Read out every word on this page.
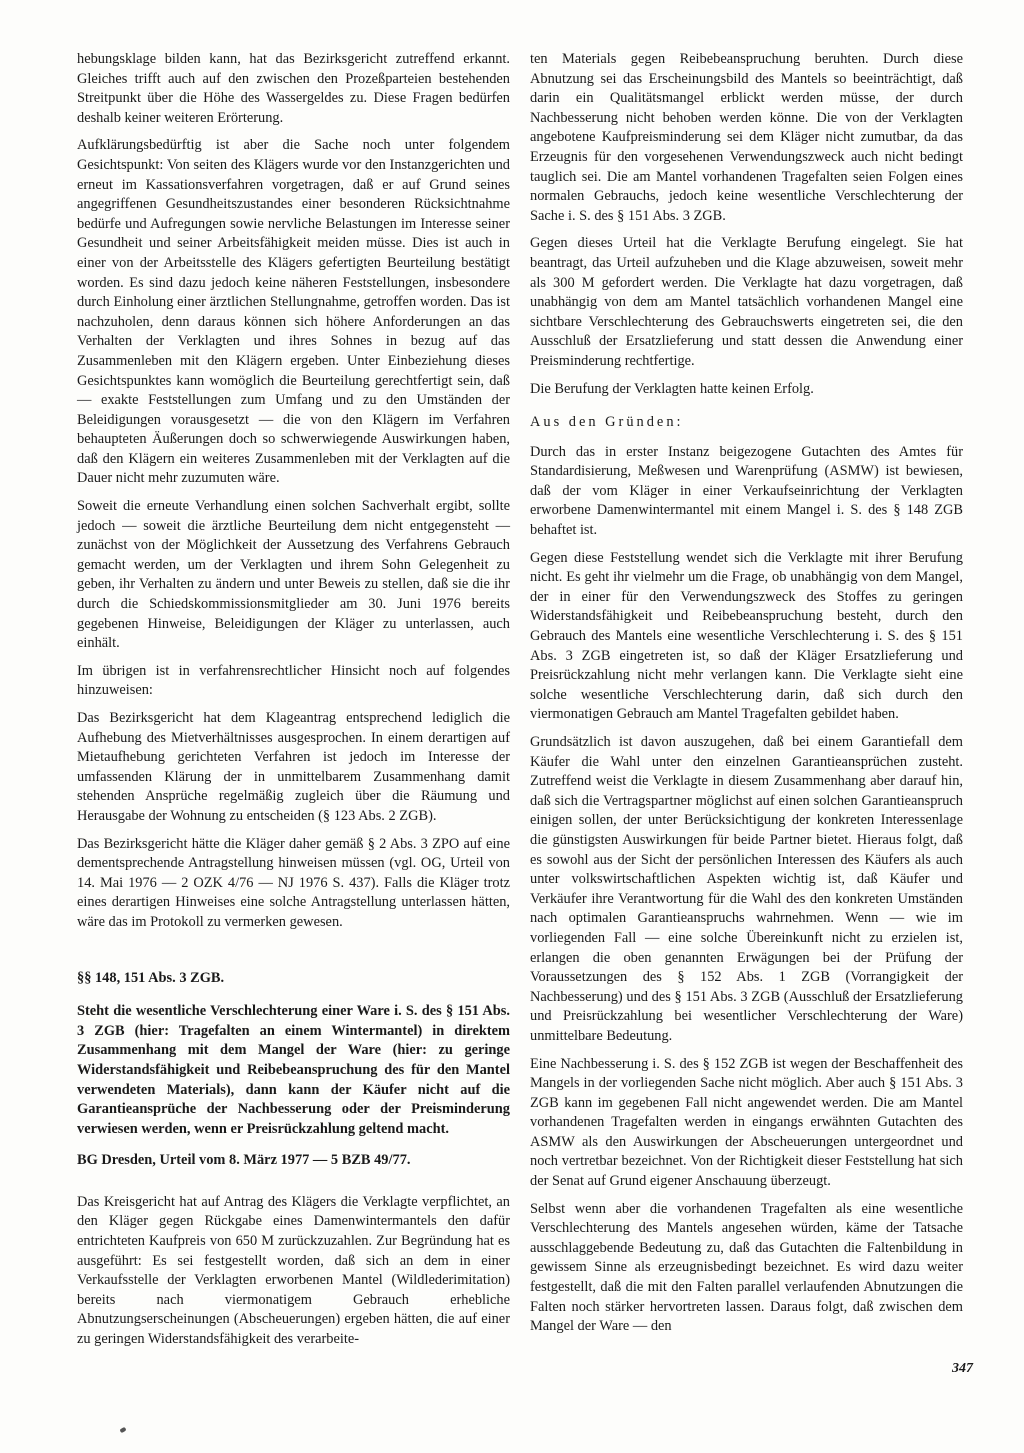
hebungsklage bilden kann, hat das Bezirksgericht zutreffend erkannt. Gleiches trifft auch auf den zwischen den Prozeßparteien bestehenden Streitpunkt über die Höhe des Wassergeldes zu. Diese Fragen bedürfen deshalb keiner weiteren Erörterung.

Aufklärungsbedürftig ist aber die Sache noch unter folgendem Gesichtspunkt: Von seiten des Klägers wurde vor den Instanzgerichten und erneut im Kassationsverfahren vorgetragen, daß er auf Grund seines angegriffenen Gesundheitszustandes einer besonderen Rücksichtnahme bedürfe und Aufregungen sowie nervliche Belastungen im Interesse seiner Gesundheit und seiner Arbeitsfähigkeit meiden müsse. Dies ist auch in einer von der Arbeitsstelle des Klägers gefertigten Beurteilung bestätigt worden. Es sind dazu jedoch keine näheren Feststellungen, insbesondere durch Einholung einer ärztlichen Stellungnahme, getroffen worden. Das ist nachzuholen, denn daraus können sich höhere Anforderungen an das Verhalten der Verklagten und ihres Sohnes in bezug auf das Zusammenleben mit den Klägern ergeben. Unter Einbeziehung dieses Gesichtspunktes kann womöglich die Beurteilung gerechtfertigt sein, daß — exakte Feststellungen zum Umfang und zu den Umständen der Beleidigungen vorausgesetzt — die von den Klägern im Verfahren behaupteten Äußerungen doch so schwerwiegende Auswirkungen haben, daß den Klägern ein weiteres Zusammenleben mit der Verklagten auf die Dauer nicht mehr zuzumuten wäre.

Soweit die erneute Verhandlung einen solchen Sachverhalt ergibt, sollte jedoch — soweit die ärztliche Beurteilung dem nicht entgegensteht — zunächst von der Möglichkeit der Aussetzung des Verfahrens Gebrauch gemacht werden, um der Verklagten und ihrem Sohn Gelegenheit zu geben, ihr Verhalten zu ändern und unter Beweis zu stellen, daß sie die ihr durch die Schiedskommissionsmitglieder am 30. Juni 1976 bereits gegebenen Hinweise, Beleidigungen der Kläger zu unterlassen, auch einhält.

Im übrigen ist in verfahrensrechtlicher Hinsicht noch auf folgendes hinzuweisen:

Das Bezirksgericht hat dem Klageantrag entsprechend lediglich die Aufhebung des Mietverhältnisses ausgesprochen. In einem derartigen auf Mietaufhebung gerichteten Verfahren ist jedoch im Interesse der umfassenden Klärung der in unmittelbarem Zusammenhang damit stehenden Ansprüche regelmäßig zugleich über die Räumung und Herausgabe der Wohnung zu entscheiden (§ 123 Abs. 2 ZGB).

Das Bezirksgericht hätte die Kläger daher gemäß § 2 Abs. 3 ZPO auf eine dementsprechende Antragstellung hinweisen müssen (vgl. OG, Urteil von 14. Mai 1976 — 2 OZK 4/76 — NJ 1976 S. 437). Falls die Kläger trotz eines derartigen Hinweises eine solche Antragstellung unterlassen hätten, wäre das im Protokoll zu vermerken gewesen.

§§ 148, 151 Abs. 3 ZGB.

Steht die wesentliche Verschlechterung einer Ware i. S. des § 151 Abs. 3 ZGB (hier: Tragefalten an einem Wintermantel) in direktem Zusammenhang mit dem Mangel der Ware (hier: zu geringe Widerstandsfähigkeit und Reibebeanspruchung des für den Mantel verwendeten Materials), dann kann der Käufer nicht auf die Garantieansprüche der Nachbesserung oder der Preisminderung verwiesen werden, wenn er Preisrückzahlung geltend macht.

BG Dresden, Urteil vom 8. März 1977 — 5 BZB 49/77.

Das Kreisgericht hat auf Antrag des Klägers die Verklagte verpflichtet, an den Kläger gegen Rückgabe eines Damenwintermantels den dafür entrichteten Kaufpreis von 650 M zurückzuzahlen. Zur Begründung hat es ausgeführt: Es sei festgestellt worden, daß sich an dem in einer Verkaufsstelle der Verklagten erworbenen Mantel (Wildlederimitation) bereits nach viermonatigem Gebrauch erhebliche Abnutzungserscheinungen (Abscheuerungen) ergeben hätten, die auf einer zu geringen Widerstandsfähigkeit des verarbeite-

ten Materials gegen Reibebeanspruchung beruhten. Durch diese Abnutzung sei das Erscheinungsbild des Mantels so beeinträchtigt, daß darin ein Qualitätsmangel erblickt werden müsse, der durch Nachbesserung nicht behoben werden könne. Die von der Verklagten angebotene Kaufpreisminderung sei dem Kläger nicht zumutbar, da das Erzeugnis für den vorgesehenen Verwendungszweck auch nicht bedingt tauglich sei. Die am Mantel vorhandenen Tragefalten seien Folgen eines normalen Gebrauchs, jedoch keine wesentliche Verschlechterung der Sache i. S. des § 151 Abs. 3 ZGB.

Gegen dieses Urteil hat die Verklagte Berufung eingelegt. Sie hat beantragt, das Urteil aufzuheben und die Klage abzuweisen, soweit mehr als 300 M gefordert werden. Die Verklagte hat dazu vorgetragen, daß unabhängig von dem am Mantel tatsächlich vorhandenen Mangel eine sichtbare Verschlechterung des Gebrauchswerts eingetreten sei, die den Ausschluß der Ersatzlieferung und statt dessen die Anwendung einer Preisminderung rechtfertige.

Die Berufung der Verklagten hatte keinen Erfolg.

Aus den Gründen:

Durch das in erster Instanz beigezogene Gutachten des Amtes für Standardisierung, Meßwesen und Warenprüfung (ASMW) ist bewiesen, daß der vom Kläger in einer Verkaufseinrichtung der Verklagten erworbene Damenwintermantel mit einem Mangel i. S. des § 148 ZGB behaftet ist.

Gegen diese Feststellung wendet sich die Verklagte mit ihrer Berufung nicht. Es geht ihr vielmehr um die Frage, ob unabhängig von dem Mangel, der in einer für den Verwendungszweck des Stoffes zu geringen Widerstandsfähigkeit und Reibebeanspruchung besteht, durch den Gebrauch des Mantels eine wesentliche Verschlechterung i. S. des § 151 Abs. 3 ZGB eingetreten ist, so daß der Kläger Ersatzlieferung und Preisrückzahlung nicht mehr verlangen kann. Die Verklagte sieht eine solche wesentliche Verschlechterung darin, daß sich durch den viermonatigen Gebrauch am Mantel Tragefalten gebildet haben.

Grundsätzlich ist davon auszugehen, daß bei einem Garantiefall dem Käufer die Wahl unter den einzelnen Garantieansprüchen zusteht. Zutreffend weist die Verklagte in diesem Zusammenhang aber darauf hin, daß sich die Vertragspartner möglichst auf einen solchen Garantieanspruch einigen sollen, der unter Berücksichtigung der konkreten Interessenlage die günstigsten Auswirkungen für beide Partner bietet. Hieraus folgt, daß es sowohl aus der Sicht der persönlichen Interessen des Käufers als auch unter volkswirtschaftlichen Aspekten wichtig ist, daß Käufer und Verkäufer ihre Verantwortung für die Wahl des den konkreten Umständen nach optimalen Garantieanspruchs wahrnehmen. Wenn — wie im vorliegenden Fall — eine solche Übereinkunft nicht zu erzielen ist, erlangen die oben genannten Erwägungen bei der Prüfung der Voraussetzungen des § 152 Abs. 1 ZGB (Vorrangigkeit der Nachbesserung) und des § 151 Abs. 3 ZGB (Ausschluß der Ersatzlieferung und Preisrückzahlung bei wesentlicher Verschlechterung der Ware) unmittelbare Bedeutung.

Eine Nachbesserung i. S. des § 152 ZGB ist wegen der Beschaffenheit des Mangels in der vorliegenden Sache nicht möglich. Aber auch § 151 Abs. 3 ZGB kann im gegebenen Fall nicht angewendet werden. Die am Mantel vorhandenen Tragefalten werden in eingangs erwähnten Gutachten des ASMW als den Auswirkungen der Abscheuerungen untergeordnet und noch vertretbar bezeichnet. Von der Richtigkeit dieser Feststellung hat sich der Senat auf Grund eigener Anschauung überzeugt.

Selbst wenn aber die vorhandenen Tragefalten als eine wesentliche Verschlechterung des Mantels angesehen würden, käme der Tatsache ausschlaggebende Bedeutung zu, daß das Gutachten die Faltenbildung in gewissem Sinne als erzeugnisbedingt bezeichnet. Es wird dazu weiter festgestellt, daß die mit den Falten parallel verlaufenden Abnutzungen die Falten noch stärker hervortreten lassen. Daraus folgt, daß zwischen dem Mangel der Ware — den

347
